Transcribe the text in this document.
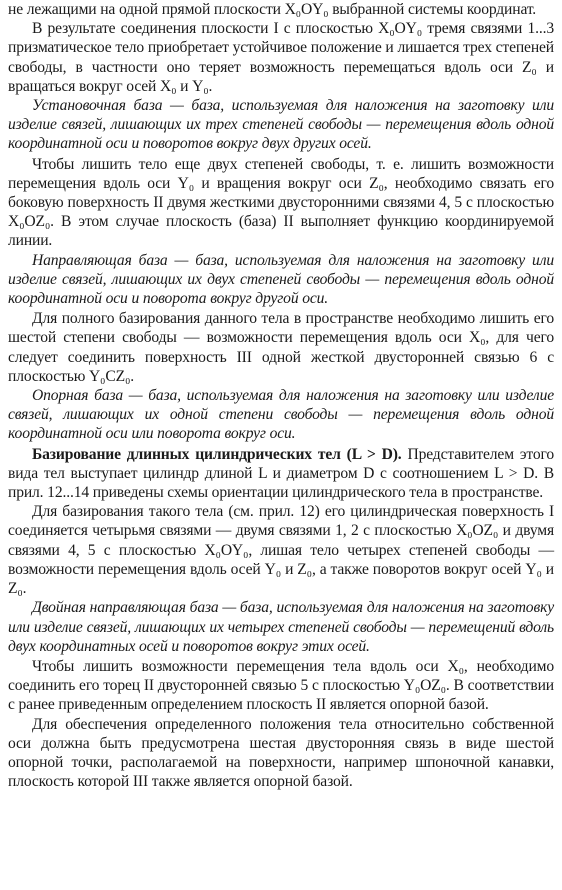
не лежащими на одной прямой плоскости X₀OY₀ выбранной системы координат.

В результате соединения плоскости I с плоскостью X₀OY₀ тремя связями 1...3 призматическое тело приобретает устойчивое положение и лишается трех степеней свободы, в частности оно теряет возможность перемещаться вдоль оси Z₀ и вращаться вокруг осей X₀ и Y₀.

Установочная база — база, используемая для наложения на заготовку или изделие связей, лишающих их трех степеней свободы — перемещения вдоль одной координатной оси и поворотов вокруг двух других осей.

Чтобы лишить тело еще двух степеней свободы, т. е. лишить возможности перемещения вдоль оси Y₀ и вращения вокруг оси Z₀, необходимо связать его боковую поверхность II двумя жесткими двусторонними связями 4, 5 с плоскостью X₀OZ₀. В этом случае плоскость (база) II выполняет функцию координируемой линии.

Направляющая база — база, используемая для наложения на заготовку или изделие связей, лишающих их двух степеней свободы — перемещения вдоль одной координатной оси и поворота вокруг другой оси.

Для полного базирования данного тела в пространстве необходимо лишить его шестой степени свободы — возможности перемещения вдоль оси X₀, для чего следует соединить поверхность III одной жесткой двусторонней связью 6 с плоскостью Y₀CZ₀.

Опорная база — база, используемая для наложения на заготовку или изделие связей, лишающих их одной степени свободы — перемещения вдоль одной координатной оси или поворота вокруг оси.

Базирование длинных цилиндрических тел (L > D). Представителем этого вида тел выступает цилиндр длиной L и диаметром D с соотношением L > D. В прил. 12...14 приведены схемы ориентации цилиндрического тела в пространстве.

Для базирования такого тела (см. прил. 12) его цилиндрическая поверхность I соединяется четырьмя связями — двумя связями 1, 2 с плоскостью X₀OZ₀ и двумя связями 4, 5 с плоскостью X₀OY₀, лишая тело четырех степеней свободы — возможности перемещения вдоль осей Y₀ и Z₀, а также поворотов вокруг осей Y₀ и Z₀.

Двойная направляющая база — база, используемая для наложения на заготовку или изделие связей, лишающих их четырех степеней свободы — перемещений вдоль двух координатных осей и поворотов вокруг этих осей.

Чтобы лишить возможности перемещения тела вдоль оси X₀, необходимо соединить его торец II двусторонней связью 5 с плоскостью Y₀OZ₀. В соответствии с ранее приведенным определением плоскость II является опорной базой.

Для обеспечения определенного положения тела относительно собственной оси должна быть предусмотрена шестая двусторонняя связь в виде шестой опорной точки, располагаемой на поверхности, например шпоночной канавки, плоскость которой III также является опорной базой.
